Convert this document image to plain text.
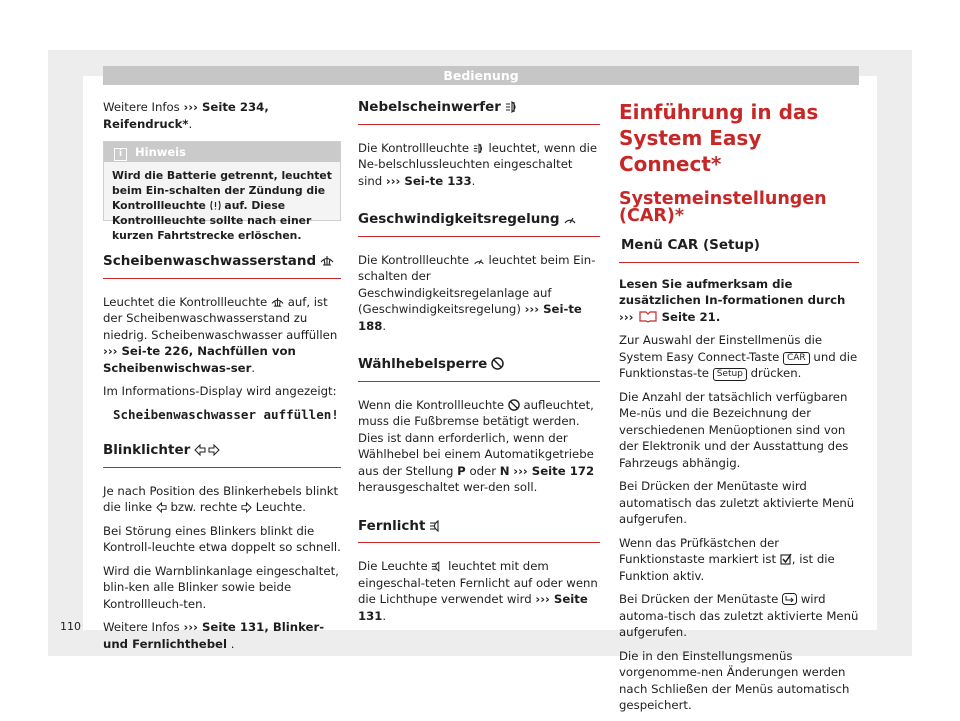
Bedienung

Weitere Infos ››› Seite 234, Reifendruck*.

i Hinweis
Wird die Batterie getrennt, leuchtet beim Ein-schalten der Zündung die Kontrollleuchte auf. Diese Kontrollleuchte sollte nach einer kurzen Fahrtstrecke erlöschen.
Scheibenwaschwasserstand

Leuchtet die Kontrollleuchte auf, ist der Scheibenwaschwasserstand zu niedrig. Scheibenwaschwasser auffüllen ››› Sei-te 226, Nachfüllen von Scheibenwischwas-ser.

Im Informations-Display wird angezeigt:

Scheibenwaschwasser auffüllen!

Blinklichter

Je nach Position des Blinkerhebels blinkt die linke bzw. rechte Leuchte.

Bei Störung eines Blinkers blinkt die Kontroll-leuchte etwa doppelt so schnell.

Wird die Warnblinkanlage eingeschaltet, blin-ken alle Blinker sowie beide Kontrollleuch-ten.

Weitere Infos ››› Seite 131, Blinker- und Fernlichthebel .

Nebelscheinwerfer

Die Kontrollleuchte leuchtet, wenn die Ne-belschlussleuchten eingeschaltet sind ››› Sei-te 133.

Geschwindigkeitsregelung

Die Kontrollleuchte leuchtet beim Ein-schalten der Geschwindigkeitsregelanlage auf (Geschwindigkeitsregelung) ››› Sei-te 188.

Wählhebelsperre

Wenn die Kontrollleuchte aufleuchtet, muss die Fußbremse betätigt werden. Dies ist dann erforderlich, wenn der Wählhebel bei einem Automatikgetriebe aus der Stellung P oder N ››› Seite 172 herausgeschaltet wer-den soll.

Fernlicht

Die Leuchte leuchtet mit dem eingeschal-teten Fernlicht auf oder wenn die Lichthupe verwendet wird ››› Seite 131.

Einführung in das System Easy Connect*

Systemeinstellungen (CAR)*

Menü CAR (Setup)

Lesen Sie aufmerksam die zusätzlichen In-formationen durch ››› Seite 21.

Zur Auswahl der Einstellmenüs die System Easy Connect-Taste CAR und die Funktionstas-te Setup drücken.

Die Anzahl der tatsächlich verfügbaren Me-nüs und die Bezeichnung der verschiedenen Menüoptionen sind von der Elektronik und der Ausstattung des Fahrzeugs abhängig.

Bei Drücken der Menütaste wird automatisch das zuletzt aktivierte Menü aufgerufen.

Wenn das Prüfkästchen der Funktionstaste markiert ist , ist die Funktion aktiv.

Bei Drücken der Menütaste wird automa-tisch das zuletzt aktivierte Menü aufgerufen.

Die in den Einstellungsmenüs vorgenomme-nen Änderungen werden nach Schließen der Menüs automatisch gespeichert.

110
